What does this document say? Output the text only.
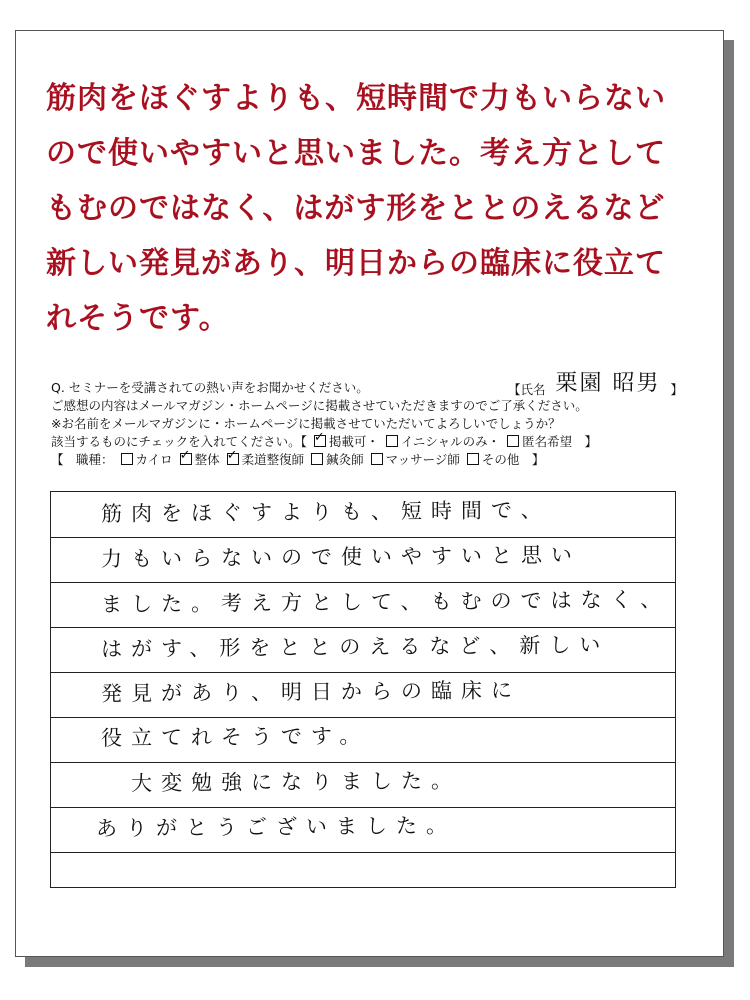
筋肉をほぐすよりも、短時間で力もいらない
ので使いやすいと思いました。考え方として
もむのではなく、はがす形をととのえるなど
新しい発見があり、明日からの臨床に役立て
れそうです。
Q. セミナーを受講されての熱い声をお聞かせください。	【氏名 栗園 昭男 】
ご感想の内容はメールマガジン・ホームページに掲載させていただきますのでご了承ください。
※お名前をメールマガジンに・ホームページに掲載させていただいてよろしいでしょうか？
該当するものにチェックを入れてください。【 ✓ 掲載可・ イニシャルのみ・ 匿名希望　】
【　職種： カイロ ✓ 整体 ✓ 柔道整復師 鍼灸師 マッサージ師 その他　】
筋肉をほぐすよりも、短時間で、
力もいらないので使いやすいと思い
ました。考え方として、もむのではなく、
はがす、形をととのえるなど、新しい
発見があり、明日からの臨床に
役立てれそうです。
大変勉強になりました。
ありがとうございました。
